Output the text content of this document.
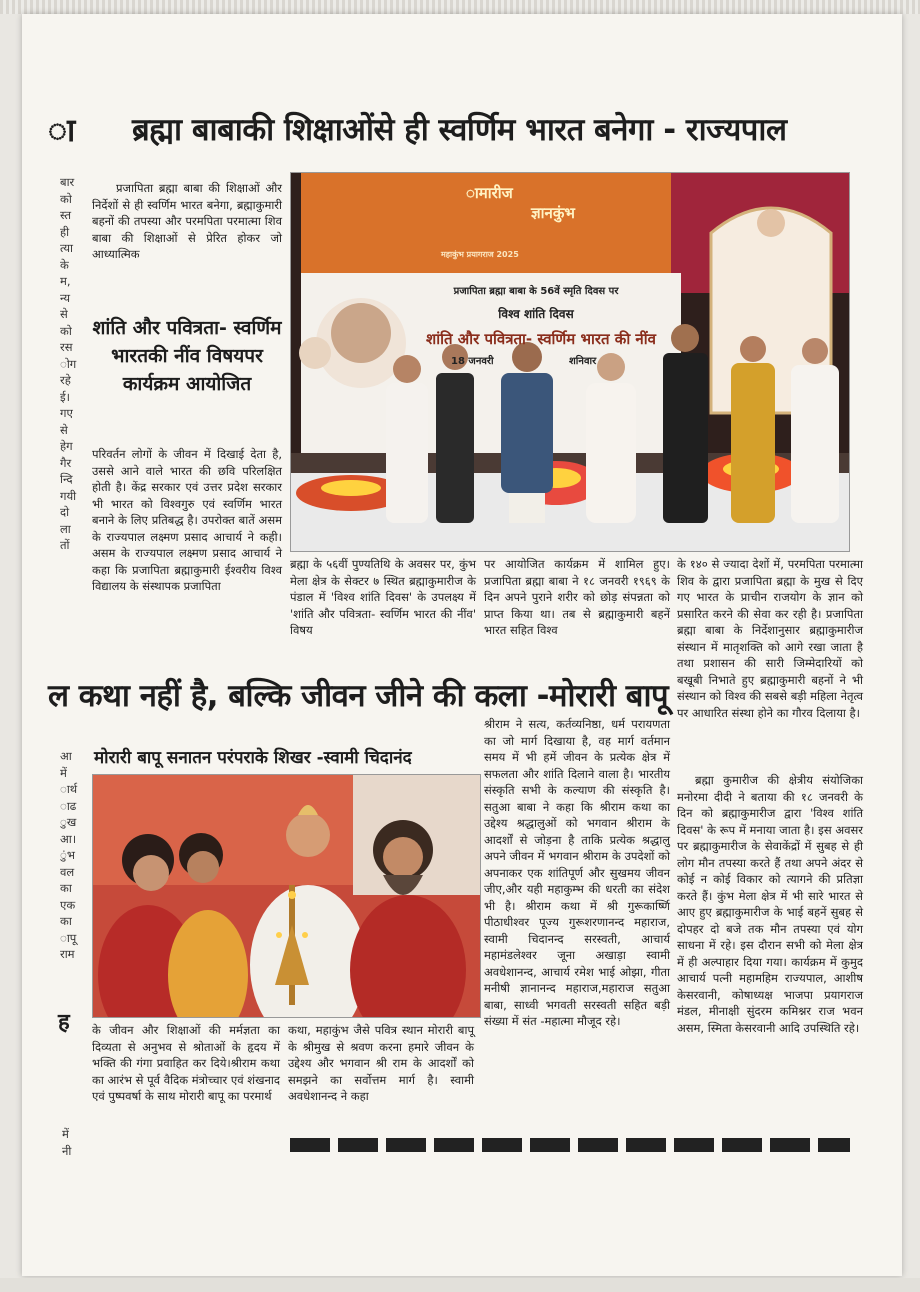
ा ब्रह्मा बाबाकी शिक्षाओंसे ही स्वर्णिम भारत बनेगा - राज्यपाल
बार
को
स्त
ही
त्या
के
म,
न्य
से
को
रस
ोग
रहे
ई।
गए
से
हेग
गैर
न्दि
गयी
दो
ला
तों
प्रजापिता ब्रह्मा बाबा की शिक्षाओं और निर्देशों से ही स्वर्णिम भारत बनेगा, ब्रह्माकुमारी बहनों की तपस्या और परमपिता परमात्मा शिव बाबा की शिक्षाओं से प्रेरित होकर जो आध्यात्मिक
शांति और पवित्रता- स्वर्णिम भारतकी नींव विषयपर कार्यक्रम आयोजित
परिवर्तन लोगों के जीवन में दिखाई देता है, उससे आने वाले भारत की छवि परिलक्षित होती है। केंद्र सरकार एवं उत्तर प्रदेश सरकार भी भारत को विश्वगुरु एवं स्वर्णिम भारत बनाने के लिए प्रतिबद्ध है। उपरोक्त बातें असम के राज्यपाल लक्ष्मण प्रसाद आचार्य ने कही। असम के राज्यपाल लक्ष्मण प्रसाद आचार्य ने कहा कि प्रजापिता ब्रह्माकुमारी ईश्वरीय विश्व विद्यालय के संस्थापक प्रजापिता
ामारीज
ज्ञानकुंभ
महाकुंभ प्रयागराज 2025
प्रजापिता ब्रह्मा बाबा के 56वें स्मृति दिवस पर
विश्व शांति दिवस
शांति और पवित्रता- स्वर्णिम भारत की नींव
18 जनवरी	शनिवार
ब्रह्मा के ५६वीं पुण्यतिथि के अवसर पर, कुंभ मेला क्षेत्र के सेक्टर ७ स्थित ब्रह्माकुमारीज के पंडाल में 'विश्व शांति दिवस' के उपलक्ष्य में 'शांति और पवित्रता- स्वर्णिम भारत की नींव' विषय
पर आयोजित कार्यक्रम में शामिल हुए। प्रजापिता ब्रह्मा बाबा ने १८ जनवरी १९६९ के दिन अपने पुराने शरीर को छोड़ संपन्नता को प्राप्त किया था। तब से ब्रह्माकुमारी बहनें भारत सहित विश्व
के १४० से ज्यादा देशों में, परमपिता परमात्मा शिव के द्वारा प्रजापिता ब्रह्मा के मुख से दिए गए भारत के प्राचीन राजयोग के ज्ञान को प्रसारित करने की सेवा कर रही है। प्रजापिता ब्रह्मा बाबा के निर्देशानुसार ब्रह्माकुमारीज संस्थान में मातृशक्ति को आगे रखा जाता है तथा प्रशासन की सारी जिम्मेदारियों को बखूबी निभाते हुए ब्रह्माकुमारी बहनों ने भी संस्थान को विश्व की सबसे बड़ी महिला नेतृत्व पर आधारित संस्था होने का गौरव दिलाया है।
ल कथा नहीं है, बल्कि जीवन जीने की कला -मोरारी बापू
आ
में
ार्थ
ाढ
ुख
आ।
ुंभ
वल
का
एक
का
ापू
राम
ह
मोरारी बापू सनातन परंपराके शिखर -स्वामी चिदानंद
के जीवन और शिक्षाओं की मर्मज्ञता का दिव्यता से अनुभव से श्रोताओं के हृदय में भक्ति की गंगा प्रवाहित कर दिये।श्रीराम कथा का आरंभ से पूर्व वैदिक मंत्रोच्चार एवं शंखनाद एवं पुष्पवर्षा के साथ मोरारी बापू का परमार्थ
कथा, महाकुंभ जैसे पवित्र स्थान मोरारी बापू के श्रीमुख से श्रवण करना हमारे जीवन के उद्देश्य और भगवान श्री राम के आदर्शों को समझने का सर्वोत्तम मार्ग है। स्वामी अवधेशानन्द ने कहा
श्रीराम ने सत्य, कर्तव्यनिष्ठा, धर्म परायणता का जो मार्ग दिखाया है, वह मार्ग वर्तमान समय में भी हमें जीवन के प्रत्येक क्षेत्र में सफलता और शांति दिलाने वाला है। भारतीय संस्कृति सभी के कल्याण की संस्कृति है।सतुआ बाबा ने कहा कि श्रीराम कथा का उद्देश्य श्रद्धालुओं को भगवान श्रीराम के आदर्शों से जोड़ना है ताकि प्रत्येक श्रद्धालु अपने जीवन में भगवान श्रीराम के उपदेशों को अपनाकर एक शांतिपूर्ण और सुखमय जीवन जीए,और यही महाकुम्भ की धरती का संदेश भी है। श्रीराम कथा में श्री गुरूकार्ष्णि पीठाधीश्वर पूज्य गुरूशरणानन्द महाराज, स्वामी चिदानन्द सरस्वती, आचार्य महामंडलेश्वर जूना अखाड़ा स्वामी अवधेशानन्द, आचार्य रमेश भाई ओझा, गीता मनीषी ज्ञानानन्द महाराज,महाराज सतुआ बाबा, साध्वी भगवती सरस्वती सहित बड़ी संख्या में संत -महात्मा मौजूद रहे।
ब्रह्मा कुमारीज की क्षेत्रीय संयोजिका मनोरमा दीदी ने बताया की १८ जनवरी के दिन को ब्रह्माकुमारीज द्वारा 'विश्व शांति दिवस' के रूप में मनाया जाता है। इस अवसर पर ब्रह्माकुमारीज के सेवाकेंद्रों में सुबह से ही लोग मौन तपस्या करते हैं तथा अपने अंदर से कोई न कोई विकार को त्यागने की प्रतिज्ञा करते हैं। कुंभ मेला क्षेत्र में भी सारे भारत से आए हुए ब्रह्माकुमारीज के भाई बहनें सुबह से दोपहर दो बजे तक मौन तपस्या एवं योग साधना में रहे। इस दौरान सभी को मेला क्षेत्र में ही अल्पाहार दिया गया। कार्यक्रम में कुमुद आचार्य पत्नी महामहिम राज्यपाल, आशीष केसरवानी, कोषाध्यक्ष भाजपा प्रयागराज मंडल, मीनाक्षी सुंदरम कमिश्नर राज भवन असम, स्मिता केसरवानी आदि उपस्थिति रहे।
में
नी
